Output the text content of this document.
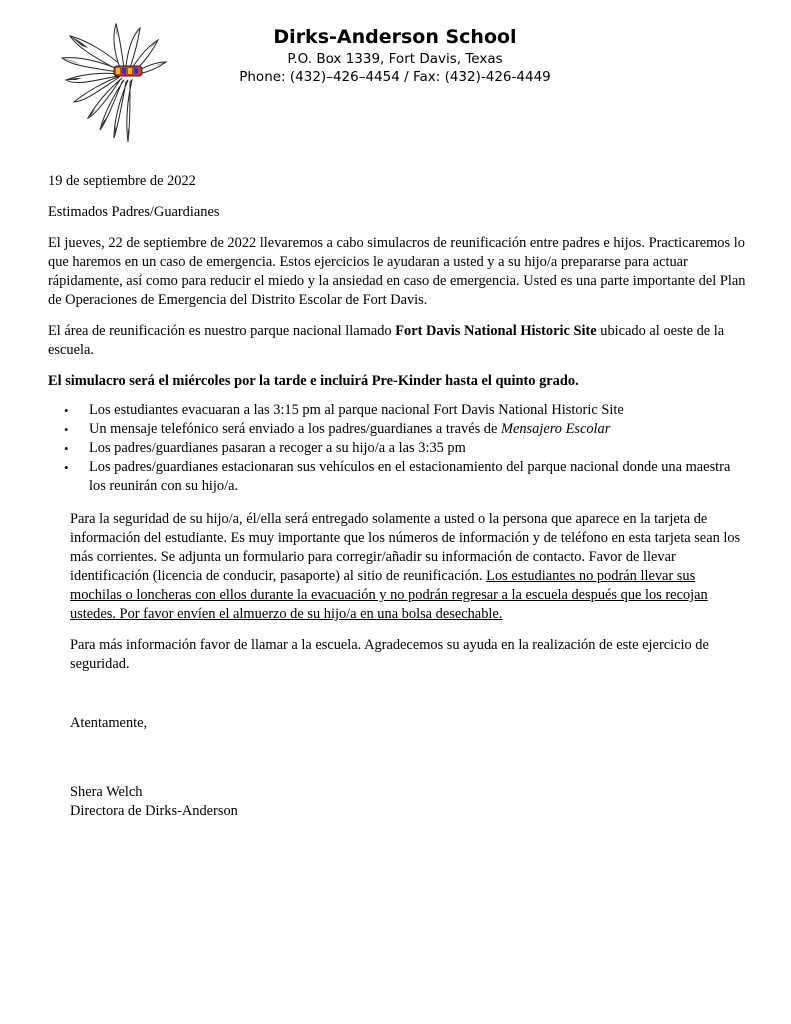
Dirks-Anderson School
P.O. Box 1339, Fort Davis, Texas
Phone: (432)–426–4454 / Fax: (432)-426-4449

19 de septiembre de 2022

Estimados Padres/Guardianes

El jueves, 22 de septiembre de 2022 llevaremos a cabo simulacros de reunificación entre padres e hijos. Practicaremos lo que haremos en un caso de emergencia. Estos ejercicios le ayudaran a usted y a su hijo/a prepararse para actuar rápidamente, así como para reducir el miedo y la ansiedad en caso de emergencia. Usted es una parte importante del Plan de Operaciones de Emergencia del Distrito Escolar de Fort Davis.

El área de reunificación es nuestro parque nacional llamado Fort Davis National Historic Site ubicado al oeste de la escuela.

El simulacro será el miércoles por la tarde e incluirá Pre-Kinder hasta el quinto grado.

• Los estudiantes evacuaran a las 3:15 pm al parque nacional Fort Davis National Historic Site
• Un mensaje telefónico será enviado a los padres/guardianes a través de Mensajero Escolar
• Los padres/guardianes pasaran a recoger a su hijo/a a las 3:35 pm
• Los padres/guardianes estacionaran sus vehículos en el estacionamiento del parque nacional donde una maestra los reunirán con su hijo/a.

Para la seguridad de su hijo/a, él/ella será entregado solamente a usted o la persona que aparece en la tarjeta de información del estudiante. Es muy importante que los números de información y de teléfono en esta tarjeta sean los más corrientes. Se adjunta un formulario para corregir/añadir su información de contacto. Favor de llevar identificación (licencia de conducir, pasaporte) al sitio de reunificación. Los estudiantes no podrán llevar sus mochilas o loncheras con ellos durante la evacuación y no podrán regresar a la escuela después que los recojan ustedes. Por favor envíen el almuerzo de su hijo/a en una bolsa desechable.

Para más información favor de llamar a la escuela. Agradecemos su ayuda en la realización de este ejercicio de seguridad.

Atentamente,

Shera Welch

Directora de Dirks-Anderson
